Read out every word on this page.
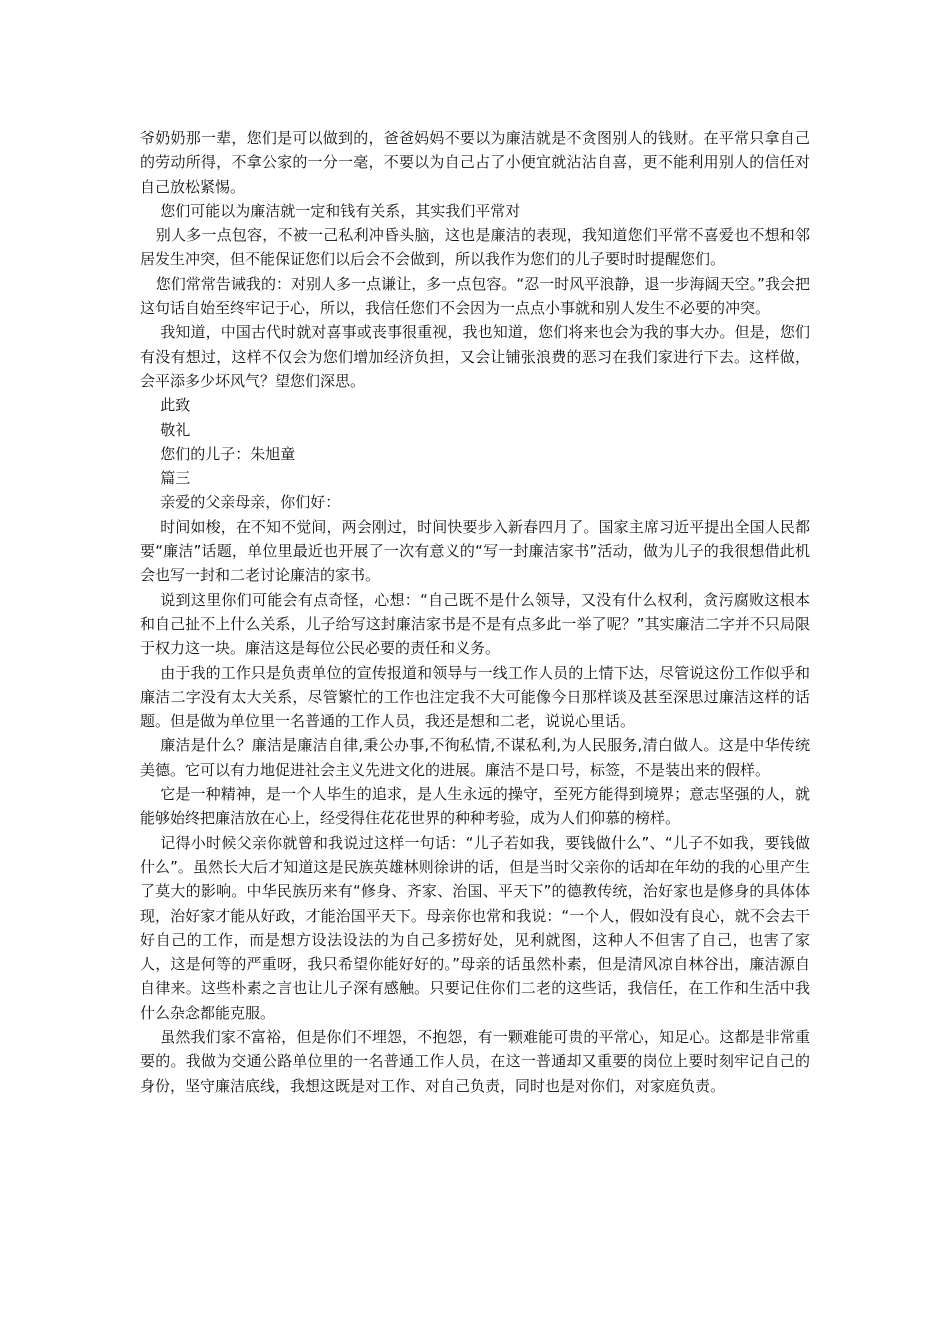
爷奶奶那一辈，您们是可以做到的，爸爸妈妈不要以为廉洁就是不贪图别人的钱财。在平常只拿自己的劳动所得，不拿公家的一分一毫，不要以为自己占了小便宜就沾沾自喜，更不能利用别人的信任对自己放松紧惕。

您们可能以为廉洁就一定和钱有关系，其实我们平常对

别人多一点包容，不被一己私利冲昏头脑，这也是廉洁的表现，我知道您们平常不喜爱也不想和邻居发生冲突，但不能保证您们以后会不会做到，所以我作为您们的儿子要时时提醒您们。

您们常常告诫我的：对别人多一点谦让，多一点包容。“忍一时风平浪静，退一步海阔天空。”我会把这句话自始至终牢记于心，所以，我信任您们不会因为一点点小事就和别人发生不必要的冲突。

我知道，中国古代时就对喜事或丧事很重视，我也知道，您们将来也会为我的事大办。但是，您们有没有想过，这样不仅会为您们增加经济负担，又会让铺张浪费的恶习在我们家进行下去。这样做，会平添多少坏风气？望您们深思。

此致

敬礼

您们的儿子：朱旭童

篇三

亲爱的父亲母亲，你们好：

时间如梭，在不知不觉间，两会刚过，时间快要步入新春四月了。国家主席习近平提出全国人民都要“廉洁”话题，单位里最近也开展了一次有意义的“写一封廉洁家书”活动，做为儿子的我很想借此机会也写一封和二老讨论廉洁的家书。

说到这里你们可能会有点奇怪，心想：“自己既不是什么领导，又没有什么权利，贪污腐败这根本和自己扯不上什么关系，儿子给写这封廉洁家书是不是有点多此一举了呢？”其实廉洁二字并不只局限于权力这一块。廉洁这是每位公民必要的责任和义务。

由于我的工作只是负责单位的宣传报道和领导与一线工作人员的上情下达，尽管说这份工作似乎和廉洁二字没有太大关系，尽管繁忙的工作也注定我不大可能像今日那样谈及甚至深思过廉洁这样的话题。但是做为单位里一名普通的工作人员，我还是想和二老，说说心里话。

廉洁是什么？廉洁是廉洁自律,秉公办事,不徇私情,不谋私利,为人民服务,清白做人。这是中华传统美德。它可以有力地促进社会主义先进文化的进展。廉洁不是口号，标签，不是装出来的假样。

它是一种精神，是一个人毕生的追求，是人生永远的操守，至死方能得到境界；意志坚强的人，就能够始终把廉洁放在心上，经受得住花花世界的种种考验，成为人们仰慕的榜样。

记得小时候父亲你就曾和我说过这样一句话：“儿子若如我，要钱做什么”、“儿子不如我，要钱做什么”。虽然长大后才知道这是民族英雄林则徐讲的话，但是当时父亲你的话却在年幼的我的心里产生了莫大的影响。中华民族历来有“修身、齐家、治国、平天下”的德教传统，治好家也是修身的具体体现，治好家才能从好政，才能治国平天下。母亲你也常和我说：“一个人，假如没有良心，就不会去干好自己的工作，而是想方设法设法的为自己多捞好处，见利就图，这种人不但害了自己，也害了家人，这是何等的严重呀，我只希望你能好好的。”母亲的话虽然朴素，但是清风凉自林谷出，廉洁源自自律来。这些朴素之言也让儿子深有感触。只要记住你们二老的这些话，我信任，在工作和生活中我什么杂念都能克服。

虽然我们家不富裕，但是你们不埋怨，不抱怨，有一颗难能可贵的平常心，知足心。这都是非常重要的。我做为交通公路单位里的一名普通工作人员，在这一普通却又重要的岗位上要时刻牢记自己的身份，坚守廉洁底线，我想这既是对工作、对自己负责，同时也是对你们，对家庭负责。
